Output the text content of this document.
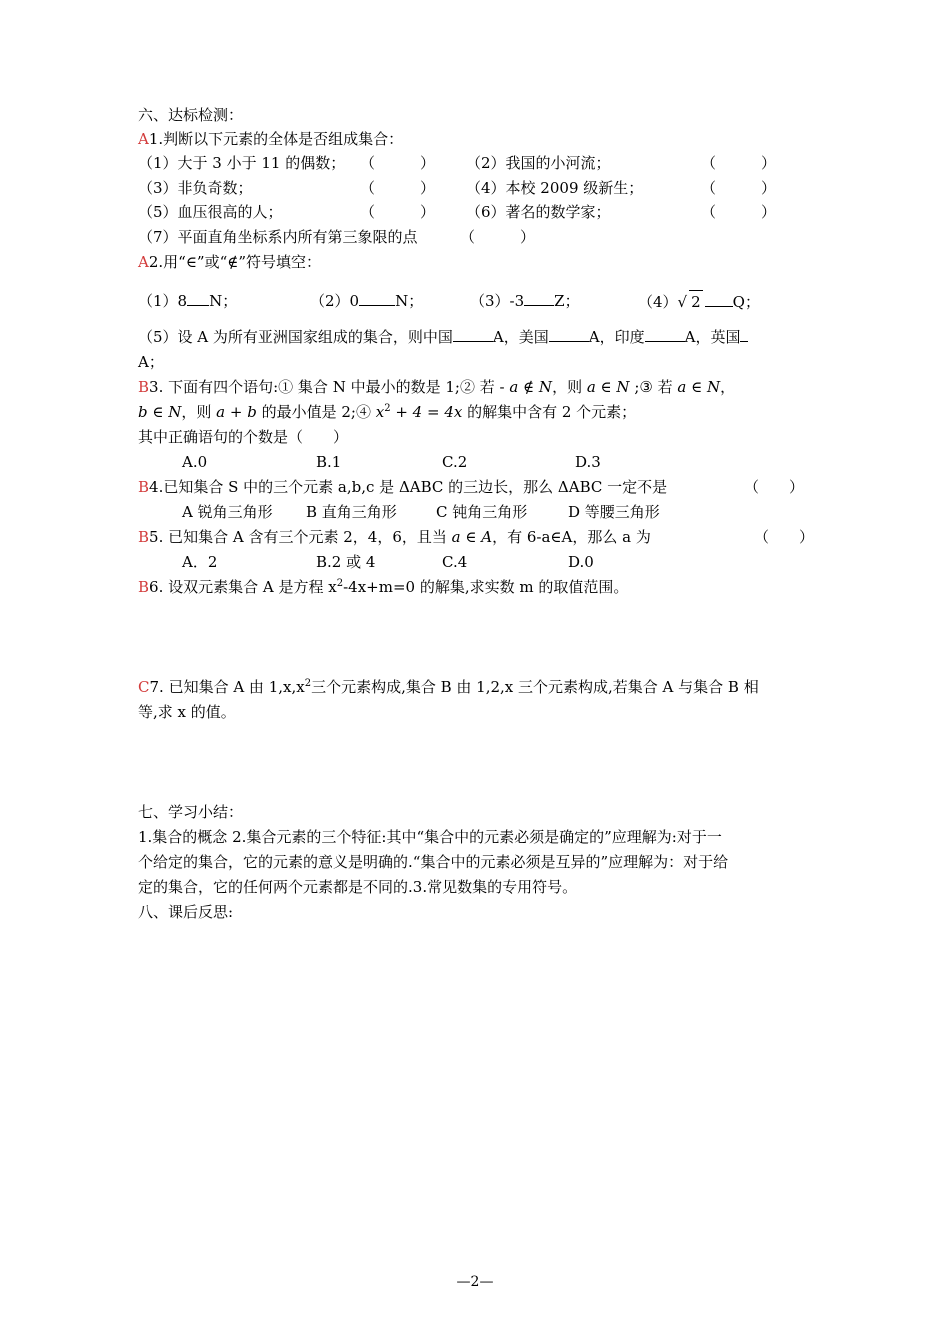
六、达标检测：
A1.判断以下元素的全体是否组成集合：
（1）大于 3 小于 11 的偶数； （　　　） （2）我国的小河流；	（　　　）
（3）非负奇数；	（　　　） （4）本校 2009 级新生；	（　　　）
（5）血压很高的人；	（　　　） （6）著名的数学家；	（　　　）
（7）平面直角坐标系内所有第三象限的点	（　　　）
A2.用“∈”或“∉”符号填空：
（1）8 N；	（2）0 N；	（3）-3 Z；	（4）√ 2 Q；
（5）设 A 为所有亚洲国家组成的集合，则中国	A，美国	A，印度	A，英国
A；
B3. 下面有四个语句:① 集合 N 中最小的数是 1;② 若 - a ∉ N，则 a ∈ N ;③ 若 a ∈ N，
b ∈ N，则 a + b 的最小值是 2;④ $x^2 + 4 = 4x$ 的解集中含有 2 个元素；
其中正确语句的个数是（　　）
A.0	B.1	C.2	D.3
B4.已知集合 S 中的三个元素 a,b,c 是 ΔABC 的三边长，那么 ΔABC 一定不是	（　　）
A 锐角三角形 B 直角三角形	C 钝角三角形	D 等腰三角形
B5. 已知集合 A 含有三个元素 2，4，6，且当 a ∈ A，有 6-a∈A，那么 a 为	（　　）
A．2	B.2 或 4	C.4	D.0
B6. 设双元素集合 A 是方程 $x^2-4x+m=0$ 的解集,求实数 m 的取值范围。
C7. 已知集合 A 由 $1,x,x^2$三个元素构成,集合 B 由 1,2,x 三个元素构成,若集合 A 与集合 B 相
等,求 x 的值。
七、学习小结：
1.集合的概念 2.集合元素的三个特征:其中“集合中的元素必须是确定的”应理解为:对于一
个给定的集合，它的元素的意义是明确的.“集合中的元素必须是互异的”应理解为：对于给
定的集合，它的任何两个元素都是不同的.3.常见数集的专用符号。
八、课后反思:
—2—
